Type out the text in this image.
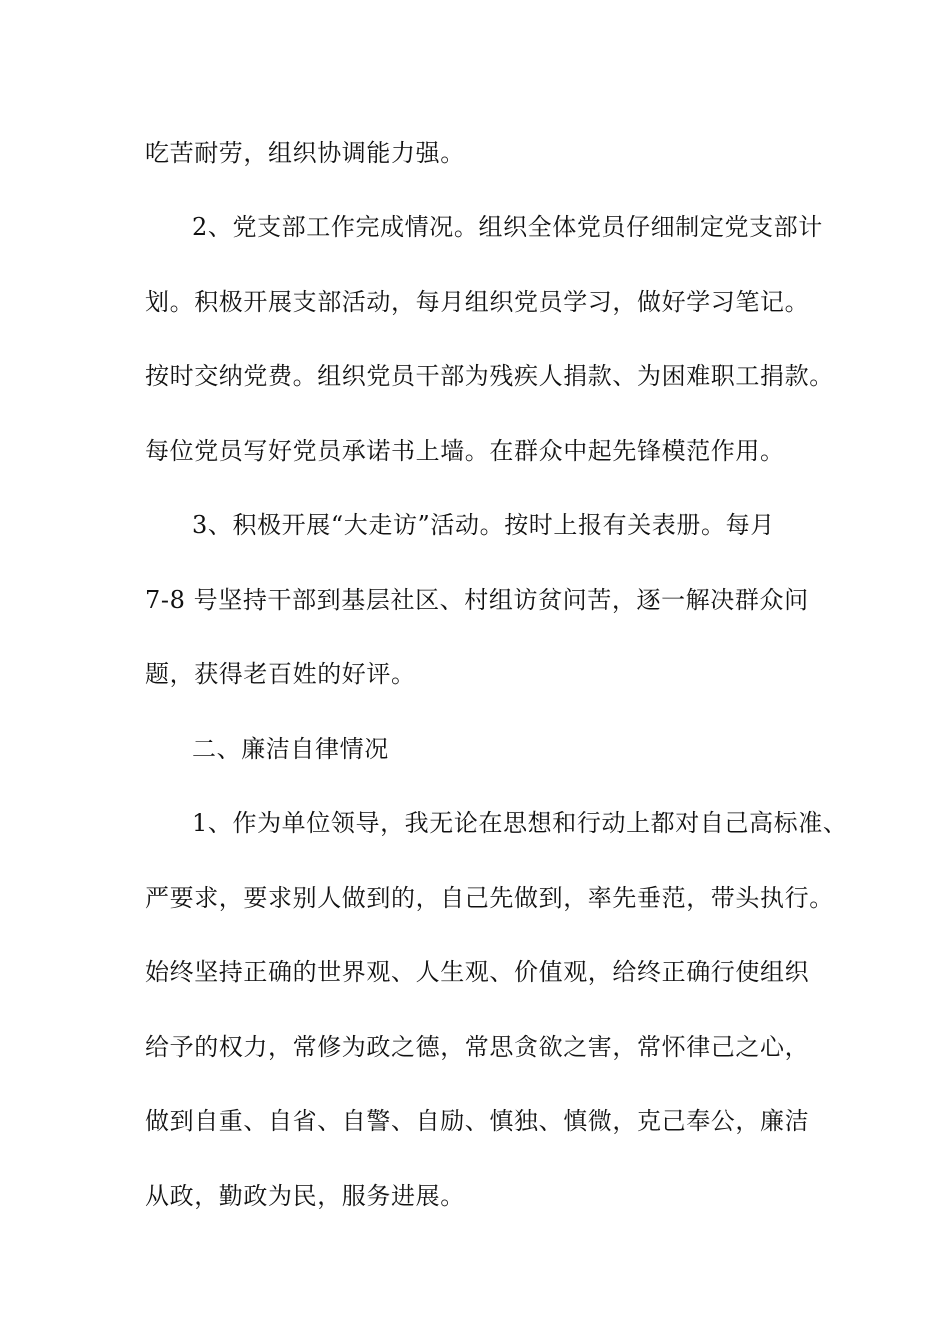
吃苦耐劳，组织协调能力强。
2、党支部工作完成情况。组织全体党员仔细制定党支部计
划。积极开展支部活动，每月组织党员学习，做好学习笔记。
按时交纳党费。组织党员干部为残疾人捐款、为困难职工捐款。
每位党员写好党员承诺书上墙。在群众中起先锋模范作用。
3、积极开展“大走访”活动。按时上报有关表册。每月
7-8 号坚持干部到基层社区、村组访贫问苦，逐一解决群众问
题，获得老百姓的好评。
二、廉洁自律情况
1、作为单位领导，我无论在思想和行动上都对自己高标准、
严要求，要求别人做到的，自己先做到，率先垂范，带头执行。
始终坚持正确的世界观、人生观、价值观，给终正确行使组织
给予的权力，常修为政之德，常思贪欲之害，常怀律己之心，
做到自重、自省、自警、自励、慎独、慎微，克己奉公，廉洁
从政，勤政为民，服务进展。
